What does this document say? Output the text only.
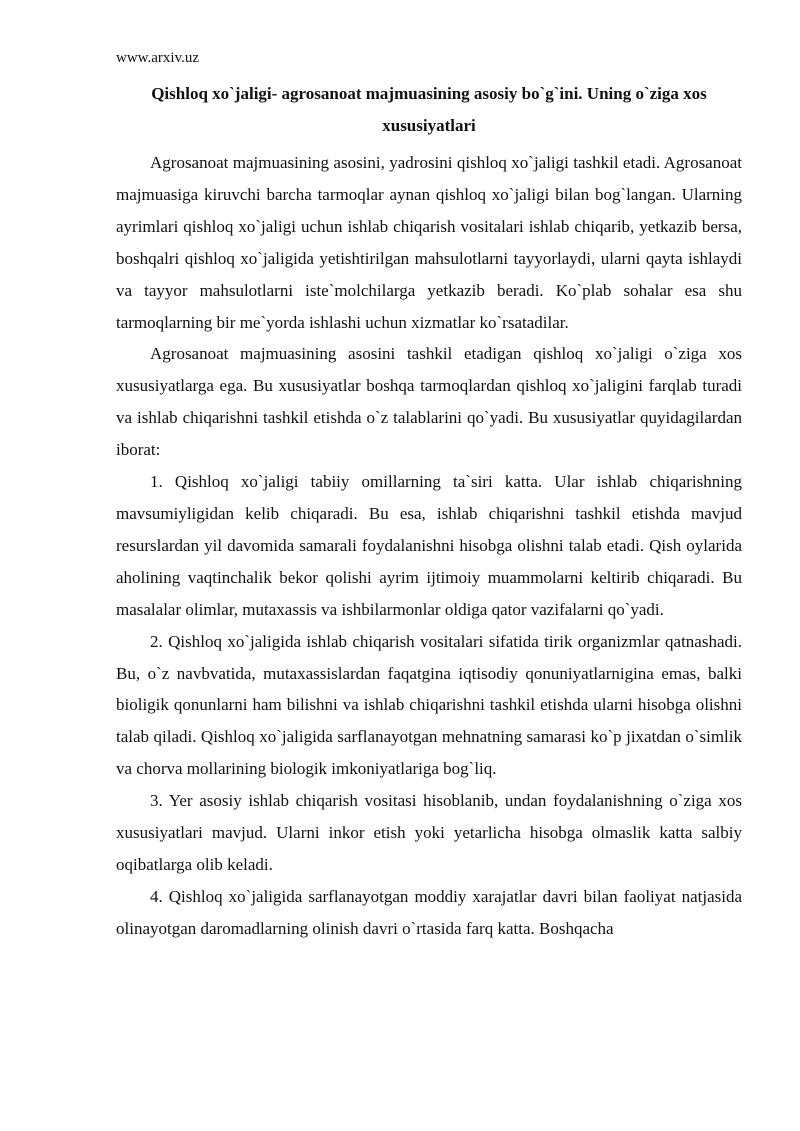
www.arxiv.uz
Qishloq xo`jaligi- agrosanoat majmuasining asosiy bo`g`ini. Uning o`ziga xos xususiyatlari

Agrosanoat majmuasining asosini, yadrosini qishloq xo`jaligi tashkil etadi. Agrosanoat majmuasiga kiruvchi barcha tarmoqlar aynan qishloq xo`jaligi bilan bog`langan. Ularning ayrimlari qishloq xo`jaligi uchun ishlab chiqarish vositalari ishlab chiqarib, yetkazib bersa, boshqalri qishloq xo`jaligida yetishtirilgan mahsulotlarni tayyorlaydi, ularni qayta ishlaydi va tayyor mahsulotlarni iste`molchilarga yetkazib beradi. Ko`plab sohalar esa shu tarmoqlarning bir me`yorda ishlashi uchun xizmatlar ko`rsatadilar.

Agrosanoat majmuasining asosini tashkil etadigan qishloq xo`jaligi o`ziga xos xususiyatlarga ega. Bu xususiyatlar boshqa tarmoqlardan qishloq xo`jaligini farqlab turadi va ishlab chiqarishni tashkil etishda o`z talablarini qo`yadi. Bu xususiyatlar quyidagilardan iborat:

1. Qishloq xo`jaligi tabiiy omillarning ta`siri katta. Ular ishlab chiqarishning mavsumiyligidan kelib chiqaradi. Bu esa, ishlab chiqarishni tashkil etishda mavjud resurslardan yil davomida samarali foydalanishni hisobga olishni talab etadi. Qish oylarida aholining vaqtinchalik bekor qolishi ayrim ijtimoiy muammolarni keltirib chiqaradi. Bu masalalar olimlar, mutaxassis va ishbilarmonlar oldiga qator vazifalarni qo`yadi.

2. Qishloq xo`jaligida ishlab chiqarish vositalari sifatida tirik organizmlar qatnashadi. Bu, o`z navbvatida, mutaxassislardan faqatgina iqtisodiy qonuniyatlarnigina emas, balki bioligik qonunlarni ham bilishni va ishlab chiqarishni tashkil etishda ularni hisobga olishni talab qiladi. Qishloq xo`jaligida sarflanayotgan mehnatning samarasi ko`p jixatdan o`simlik va chorva mollarining biologik imkoniyatlariga bog`liq.

3. Yer asosiy ishlab chiqarish vositasi hisoblanib, undan foydalanishning o`ziga xos xususiyatlari mavjud. Ularni inkor etish yoki yetarlicha hisobga olmaslik katta salbiy oqibatlarga olib keladi.

4. Qishloq xo`jaligida sarflanayotgan moddiy xarajatlar davri bilan faoliyat natjasida olinayotgan daromadlarning olinish davri o`rtasida farq katta. Boshqacha
